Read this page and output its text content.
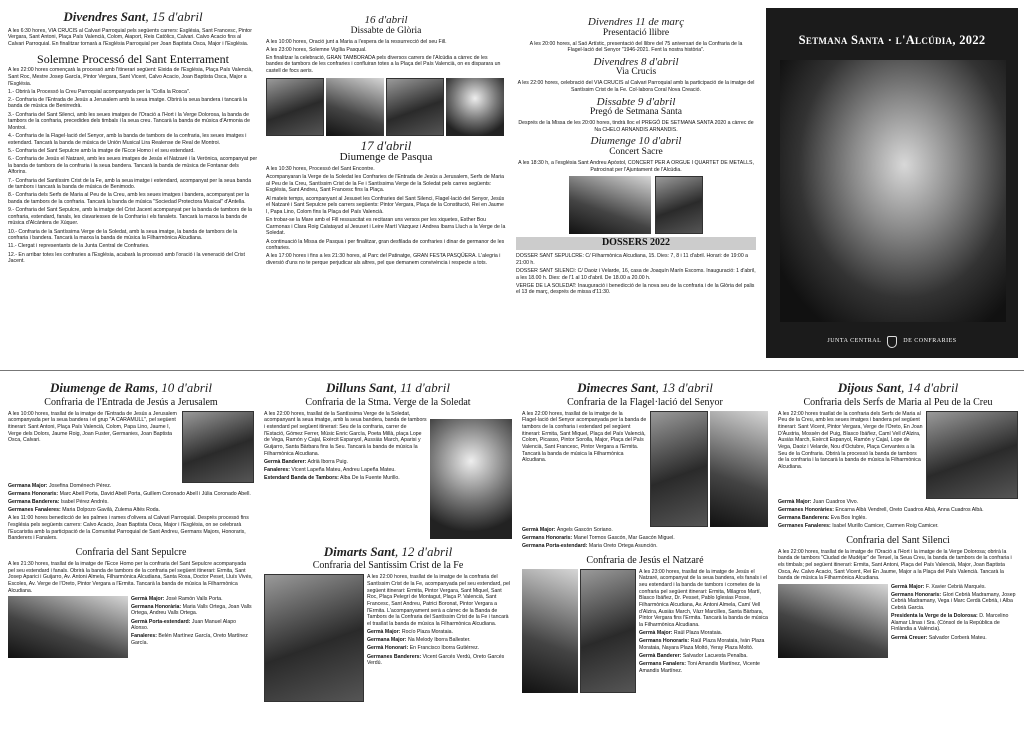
Divendres Sant, 15 d'abril

A les 6:30 hores, VIA CRUCIS al Calvari Parroquial pels següents carrers: Església, Sant Francesc, Pintor Vergara, Sant Antoni, Plaça País Valencià, Colom, Aiaport, Reis Catòlics, Calvari. Calvo Acacio fins al Calvari Parroquial. En finalitzar tornarà a l'Església Parroquial per Joan Baptista Osca, Major i l'Església.

Solemne Processó del Sant Enterrament

A les 22:00 hores començarà la processó amb l'itinerari següent: Eixida de l'Església, Plaça País Valencià, Sant Roc, Mestre Josep García, Pintor Vergara, Sant Vicent, Calvo Acacio, Joan Baptista Osca, Major a l'Església.

1.- Obrirà la Processó la Creu Parroquial acompanyada per la "Colla la Rosca".

2.- Confraria de l'Entrada de Jesús a Jerusalem amb la seua imatge. Obrirà la seua bandera i tancarà la banda de música de Benirredrà.

3.- Confraria del Sant Silenci, amb les seues imatges de l'Oració a l'Hort i la Verge Dolorosa, la banda de tambors de la confraria, precedides dels timbals i la seua creu. Tancarà la banda de música d'Armonia de Montroi.

4.- Confraria de la Flagel·lació del Senyor, amb la banda de tambors de la confraria, les seues imatges i estendard. Tancarà la banda de música de Unión Musical Lira Realense de Real de Montroi.

5.- Confraria del Sant Sepulcre amb la imatge de l'Ecce Homo i el seu estendard.

6.- Confraria de Jesús el Natzaré, amb les seues imatges de Jesús el Natzaré i la Verònica, acompanyat per la banda de tambors de la confraria i la seua bandera. Tancarà la banda de música de Fontanar dels Alforins.

7.- Confraria del Santíssim Crist de la Fe, amb la seua imatge i estendard, acompanyat per la seua banda de tambors i tancarà la banda de música de Benimodo.

8.- Confraria dels Serfs de Maria al Peu de la Creu, amb les seues imatges i bandera, acompanyat per la banda de tambors de la confraria. Tancarà la banda de música "Sociedad Protectora Musical" d'Antella.

9.- Confraria del Sant Sepulcre, amb la imatge del Crist Jacent acompanyat per la banda de tambors de la confraria, estendard, fanals, les clavariesses de la Confraria i els fanalets. Tancarà la marxa la banda de música d'Alcàntera de Xúquer.

10.- Confraria de la Santíssima Verge de la Soledat, amb la seua imatge, la banda de tambors de la confraria i bandera. Tancarà la marxa la banda de música la Filharmònica Alcudiana.

11.- Clergat i representants de la Junta Central de Confraries.

12.- En arribar totes les confraries a l'Església, acabarà la processó amb l'oració i la veneració del Crist Jacent.

16 d'abril
Dissabte de Glòria

A les 10:00 hores, Oració junt a Maria a l'espera de la ressurrecció del seu Fill.

A les 23:00 hores, Solemne Vigília Pasqual.

En finalitzar la celebració, GRAN TAMBORADA pels diversos carrers de l'Alcúdia a càrrec de les bandes de tambors de les confraries i confluiran totes a la Plaça del País Valencià, on es disparara un castell de focs aeris.

17 d'abril
Diumenge de Pasqua

A les 10:30 hores, Processó del Sant Encontre.

Acompanyaran la Verge de la Soledat les Confraries de l'Entrada de Jesús a Jerusalem, Serfs de Maria al Peu de la Creu, Santíssim Crist de la Fe i Santíssima Verge de la Soledat pels carres següents: Església, Sant Andreu, Sant Francesc fins la Plaça.

Al mateix temps, acompanyant al Jesuset les Confraries del Sant Silenci, Flagel·lació del Senyor, Jesús el Natzaré i Sant Sepulcre pels carrers següents: Pintor Vergara, Plaça de la Constitució, Rei en Jaume I, Papa Lino, Colom fins la Plaça del País Valencià.

En trobar-se la Mare amb el Fill ressuscitat es recitaran uns versos per les xiquetes, Esther Bou Carmonas i Clara Roig Calatayud al Jesuset i Leire Martí Vàzquez i Andrea Ibarra Lluch a la Verge de la Soledat.

A continuació la Missa de Pasqua i per finalitzar, gran desfilada de confraries i dinar de germanor de les confraries.

A les 17:00 hores i fins a les 21:30 hores, al Parc del Patinatge, GRAN FESTA PASQÜERA. L'alegria i diversió d'uns no te perque perjudicar als altres, pel que demanem convivència i respecte a tots.

Divendres 11 de març
Presentació llibre

A les 20:00 hores, al Saó Artístic, presentació del llibre del 75 aniversari de la Confraria de la Flagel·lació del Senyor "1946-2021. Fent la nostra història".

Divendres 8 d'abril
Via Crucis

A les 22:00 hores, celebració del VIA CRUCIS al Calvari Parroquial amb la participació de la imatge del Santíssim Crist de la Fe. Col·labora Coral Nova Creació.

Dissabte 9 d'abril
Pregó de Setmana Santa

Després de la Missa de les 20:00 hores, tindrà lloc el PREGÓ DE SETMANA SANTA 2020 a càrrec de Na CHELO ARNANDIS ARNANDIS.

Diumenge 10 d'abril
Concert Sacre

A les 18:30 h, a l'església Sant Andreu Apòstol, CONCERT PER A ORGUE I QUARTET DE METALLS, Patrocinat per l'Ajuntament de l'Alcúdia.

DOSSERS 2022

DOSSER SANT SEPULCRE: C/ Filharmònica Alcudiana, 15. Dies: 7, 8 i 11 d'abril. Horari: de 19:00 a 21:00 h.

DOSSER SANT SILENCI: C/ Daoiz i Velarde, 16, casa de Joaquín Marín Escoms. Inauguració: 1 d'abril, a les 18.00 h. Dies: de l'1 al 10 d'abril. De 18.00 a 20.00 h.

VERGE DE LA SOLEDAT: Inauguració i benedicció de la nova seu de la confraria i de la Glòria del palis el 13 de març, després de missa d'11:30.

Setmana Santa · l'Alcúdia, 2022
JUNTA CENTRAL	DE CONFRARIES
Diumenge de Rams, 10 d'abril
Confraria de l'Entrada de Jesús a Jerusalem

A les 10:00 hores, trasllat de la imatge de l'Entrada de Jesús a Jerusalem acompanyada per la seua bandera i el grup "A CARAMULL", pel següent itinerari: Sant Antoni, Plaça País Valencià, Colom, Papa Lino, Jaume I, Verge dels Dolors, Jaume Roig, Joan Fuster, Germanies, Joan Baptista Osca, Calvari.

Germana Major: Josefina Doménech Pérez.

Germans Honoraris: Marc Abell Porta, David Abell Porta, Guillem Coronado Abell i Júlia Coronado Abell.

Germana Banderera: Isabel Pérez Andrés.

Germanes Fanaleres: Maria Dolpozo Gavilà, Zulema Altés Roda.

A les 11:00 hores benedicció de les palmes i rames d'olivera al Calvari Parroquial. Després processó fins l'església pels següents carrers: Calvo Acacio, Joan Baptista Osca, Major i l'Església, on se celebrarà l'Eucaristia amb la participació de la Comunitat Parroquial de Sant Andreu, Germans Majors, Honoraris, Banderers i Fanalers.

Confraria del Sant Sepulcre

A les 21:30 hores, trasllat de la imatge de l'Ecce Homo per la confraria del Sant Sepulcre acompanyada pel seu estendard i fanals. Obrirà la banda de tambors de la confraria pel següent itinerari: Ermita, Sant Josep Aparici i Guijarro, Av. Antoni Almela, Filharmònica Alcudiana, Santa Rosa, Doctor Peset, Lluís Vivés, Escoles, Av. Verge de l'Oreto, Pintor Vergara a l'Ermita. Tancarà la banda de música la Filharmònica Alcudiana.

Germà Major: José Ramón Valls Porta.

Germana Honorària: Maria Valls Ortega, Joan Valls Ortega, Andreu Valls Ortega.

Germà Porta-estendard: Juan Manuel Alapo Alonso.

Fanaleres: Belén Martínez García, Oreto Martínez García.

Dilluns Sant, 11 d'abril
Confraria de la Stma. Verge de la Soledat

A les 22:00 hores, trasllat de la Santíssima Verge de la Soledat, acompanyant la seua imatge, amb la seua bandera, banda de tambors i estendard pel següent itinerari: Seu de la confraria, carrer de l'Estació, Gómez Ferrer, Músic Enric García, Poeta Millà, plaça Lope de Vega, Ramón y Cajal, Exèrcit Espanyol, Aussiàs March, Aparisi y Guijarro, Santa Bàrbara fins la Seu. Tancarà la banda de música la Filharmònica Alcudiana.

Germà Banderer: Adrià Iborra Puig.

Fanaleres: Vicent Lapeña Mateu, Andreu Lapeña Mateu.

Estendard Banda de Tambors: Alba De la Fuente Murillo.

Dimarts Sant, 12 d'abril
Confraria del Santíssim Crist de la Fe

A les 22:00 hores, trasllat de la imatge de la confraria del Santíssim Crist de la Fe, acompanyada pel seu estendard, pel següent itinerari: Ermita, Pintor Vergara, Sant Miquel, Sant Roc, Plaça Pelegrí de Montagut, Plaça P. Valencià, Sant Francesc, Sant Andreu, Patrici Boronat, Pintor Vergara a l'Ermita. L'acompanyament serà a càrrec de la Banda de Tambors de la Confraria del Santíssim Crist de la Fe i tancarà el trasllat la banda de música la Filharmònica Alcudiana.

Germà Major: Rocío Plaza Morataia.

Germana Major: Na Melody Iborra Ballester.

Germà Honorari: En Francisco Iborra Gutiérrez.

Germanes Banderers: Vicent Garcés Verdú, Oreto Garcés Verdú.

Dimecres Sant, 13 d'abril
Confraria de la Flagel·lació del Senyor

A les 22:00 hores, trasllat de la imatge de la Flagel·lació del Senyor acompanyada per la banda de tambors de la confraria i estendard pel següent itinerari: Ermita, Sant Miquel, Plaça del País Valencià, Colom, Picasso, Pintor Sorolla, Major, Plaça del País Valencià, Sant Francesc, Pintor Vergara a l'Ermita. Tancarà la banda de música la Filharmònica Alcudiana.

Germà Major: Àngels Gascón Soriano.

Germans Honoraris: Manel Tormos Gascón, Mar Gascón Miguel.

Germana Porta-estendard: Maria Oreto Ortega Asunción.

Confraria de Jesús el Natzaré

A les 23:00 hores, trasllat de la imatge de Jesús el Natzaré, acompanyat de la seua bandera, els fanals i el seu estendard i la banda de tambors i cornetes de la confraria pel següent itinerari: Ermita, Milagros Martí, Blasco Ibáñez, Dr. Pesset, Pablo Iglesias Posse, Filharmònica Alcudiana, Av. Antoni Almela, Camí Vell d'Alzira, Ausiàs March, Vàzr Marcilles, Santa Bàrbara, Pintor Vergara fins l'Ermita. Tancarà la banda de música la Filharmònica Alcudiana.

Germà Major: Raül Plaza Morataia.

Germans Honoraris: Raül Plaza Morataia, Iván Plaza Morataia, Nayara Plaza Moltó, Yeray Plaza Moltó.

Germà Banderer: Salvador Lacuesta Penalba.

Germans Fanalers: Toni Amandis Martínez, Vicente Amandis Martínez.

Dijous Sant, 14 d'abril
Confraria dels Serfs de Maria al Peu de la Creu

A les 22:00 hores trasllat de la confraria dels Serfs de Maria al Peu de la Creu, amb les seues imatges i bandera pel següent itinerari: Sant Vicent, Pintor Vergara, Verge de l'Oreto, En Joan D'Àustria, Mossèn del Puig, Blasco Ibáñez, Camí Vell d'Alzira, Ausiàs March, Exèrcit Espanyol, Ramón y Cajal, Lope de Vega, Daoiz i Velarde, Nou d'Octubre, Plaça Cervantes a la Seu de la Confraria. Obrirà la processó la banda de tambors de la confraria i la tancarà la banda de música la Filharmònica Alcudiana.

Germà Major: Juan Cuadros Vivo.

Germanes Honoràries: Encarna Albà Vendrell, Oreto Cuadros Albà, Anna Cuadros Albà.

Germana Banderera: Eva Bos Inglés.

Germanes Fanaleres: Isabel Murillo Camicer, Carmen Roig Camicer.

Confraria del Sant Silenci

A les 22:00 hores, trasllat de la imatge de l'Oració a l'Hort i la imatge de la Verge Dolorosa; obrirà la banda de tambors "Ciudad de Mudéjar" de Teruel, la Seua Creu, la banda de tambors de la confraria i els timbals; pel següent itinerari: Ermita, Sant Antoni, Plaça del País Valencià, Major, Joan Baptista Osca, Av. Calvo Acacio, Sant Vicent, Rei En Jaume, Major a la Plaça del País Valencià. Tancarà la banda de música la Filharmònica Alcudiana.

Germà Major: F. Xavier Cebrià Marqués.

Germans Honoraris: Glori Cebrià Madramany, Josep Cebrià Madramany, Vega i Marc Cerdà Cebrià, i Alba Cebrià Garcia.

Presidenta la Verge de la Dolorosa: D. Marcelino Alamar Llinas i Sra. (Cònsol de la República de Finlàndia a València).

Germà Creuer: Salvador Corberà Mateu.
